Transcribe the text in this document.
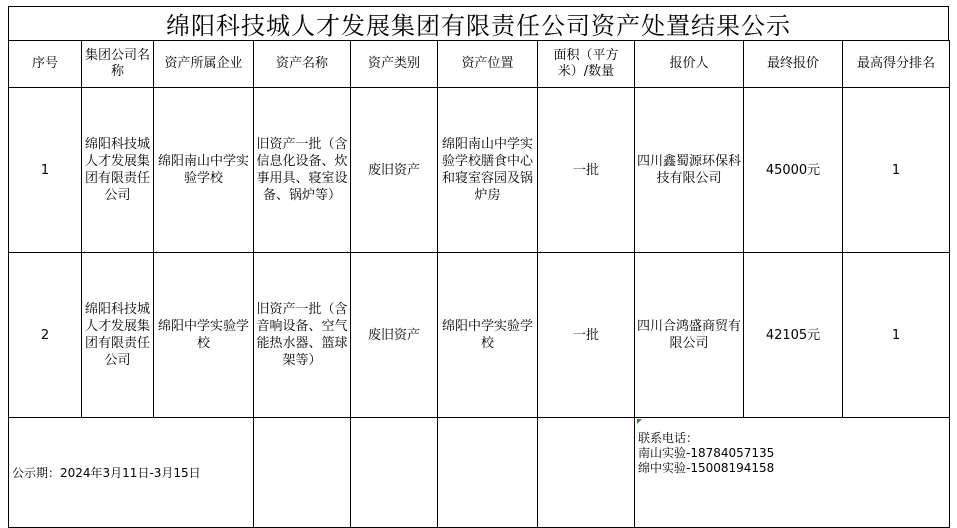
绵阳科技城人才发展集团有限责任公司资产处置结果公示
序号	集团公司名称	资产所属企业	资产名称	资产类别	资产位置	面积（平方米）/数量	报价人	最终报价	最高得分排名
1	绵阳科技城人才发展集团有限责任公司	绵阳南山中学实验学校	旧资产一批（含信息化设备、炊事用具、寝室设备、锅炉等）	废旧资产	绵阳南山中学实验学校膳食中心和寝室容园及锅炉房	一批	四川鑫蜀源环保科技有限公司	45000元	1
2	绵阳科技城人才发展集团有限责任公司	绵阳中学实验学校	旧资产一批（含音响设备、空气能热水器、篮球架等）	废旧资产	绵阳中学实验学校	一批	四川合鸿盛商贸有限公司	42105元	1
公示期：2024年3月11日-3月15日							联系电话：
南山实验-18784057135
绵中实验-15008194158		
